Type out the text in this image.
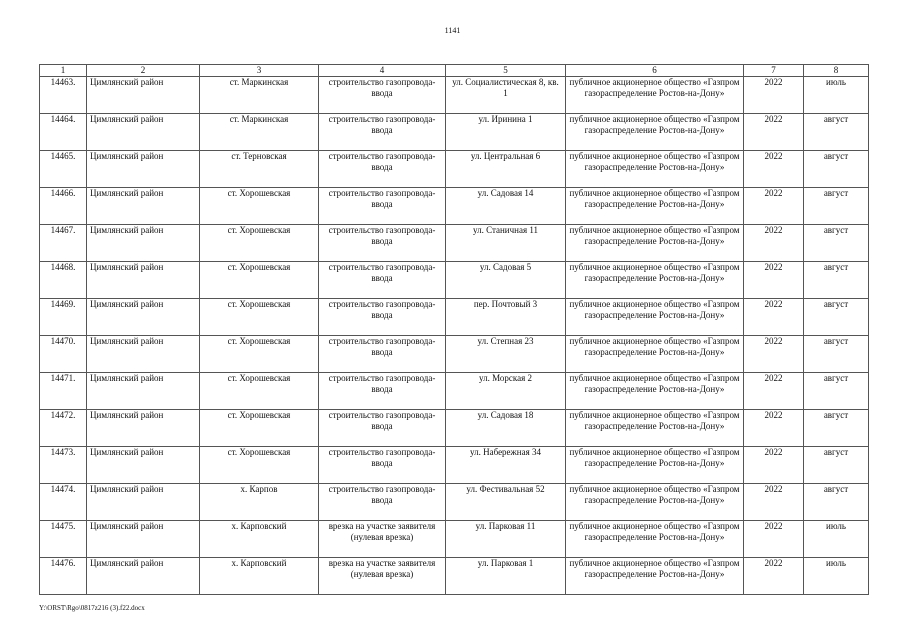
1141
1	2	3	4	5	6	7	8
14463.	Цимлянский район	ст. Маркинская	строительство газопровода-ввода	ул. Социалистическая 8, кв. 1	публичное акционерное общество «Газпром газораспределение Ростов-на-Дону»	2022	июль
14464.	Цимлянский район	ст. Маркинская	строительство газопровода-ввода	ул. Иринина 1	публичное акционерное общество «Газпром газораспределение Ростов-на-Дону»	2022	август
14465.	Цимлянский район	ст. Терновская	строительство газопровода-ввода	ул. Центральная 6	публичное акционерное общество «Газпром газораспределение Ростов-на-Дону»	2022	август
14466.	Цимлянский район	ст. Хорошевская	строительство газопровода-ввода	ул. Садовая 14	публичное акционерное общество «Газпром газораспределение Ростов-на-Дону»	2022	август
14467.	Цимлянский район	ст. Хорошевская	строительство газопровода-ввода	ул. Станичная 11	публичное акционерное общество «Газпром газораспределение Ростов-на-Дону»	2022	август
14468.	Цимлянский район	ст. Хорошевская	строительство газопровода-ввода	ул. Садовая 5	публичное акционерное общество «Газпром газораспределение Ростов-на-Дону»	2022	август
14469.	Цимлянский район	ст. Хорошевская	строительство газопровода-ввода	пер. Почтовый 3	публичное акционерное общество «Газпром газораспределение Ростов-на-Дону»	2022	август
14470.	Цимлянский район	ст. Хорошевская	строительство газопровода-ввода	ул. Степная 23	публичное акционерное общество «Газпром газораспределение Ростов-на-Дону»	2022	август
14471.	Цимлянский район	ст. Хорошевская	строительство газопровода-ввода	ул. Морская 2	публичное акционерное общество «Газпром газораспределение Ростов-на-Дону»	2022	август
14472.	Цимлянский район	ст. Хорошевская	строительство газопровода-ввода	ул. Садовая 18	публичное акционерное общество «Газпром газораспределение Ростов-на-Дону»	2022	август
14473.	Цимлянский район	ст. Хорошевская	строительство газопровода-ввода	ул. Набережная 34	публичное акционерное общество «Газпром газораспределение Ростов-на-Дону»	2022	август
14474.	Цимлянский район	х. Карпов	строительство газопровода-ввода	ул. Фестивальная 52	публичное акционерное общество «Газпром газораспределение Ростов-на-Дону»	2022	август
14475.	Цимлянский район	х. Карповский	врезка на участке заявителя (нулевая врезка)	ул. Парковая 11	публичное акционерное общество «Газпром газораспределение Ростов-на-Дону»	2022	июль
14476.	Цимлянский район	х. Карповский	врезка на участке заявителя (нулевая врезка)	ул. Парковая 1	публичное акционерное общество «Газпром газораспределение Ростов-на-Дону»	2022	июль
Y:\ORST\Rgo\0817z216 (3).f22.docx
